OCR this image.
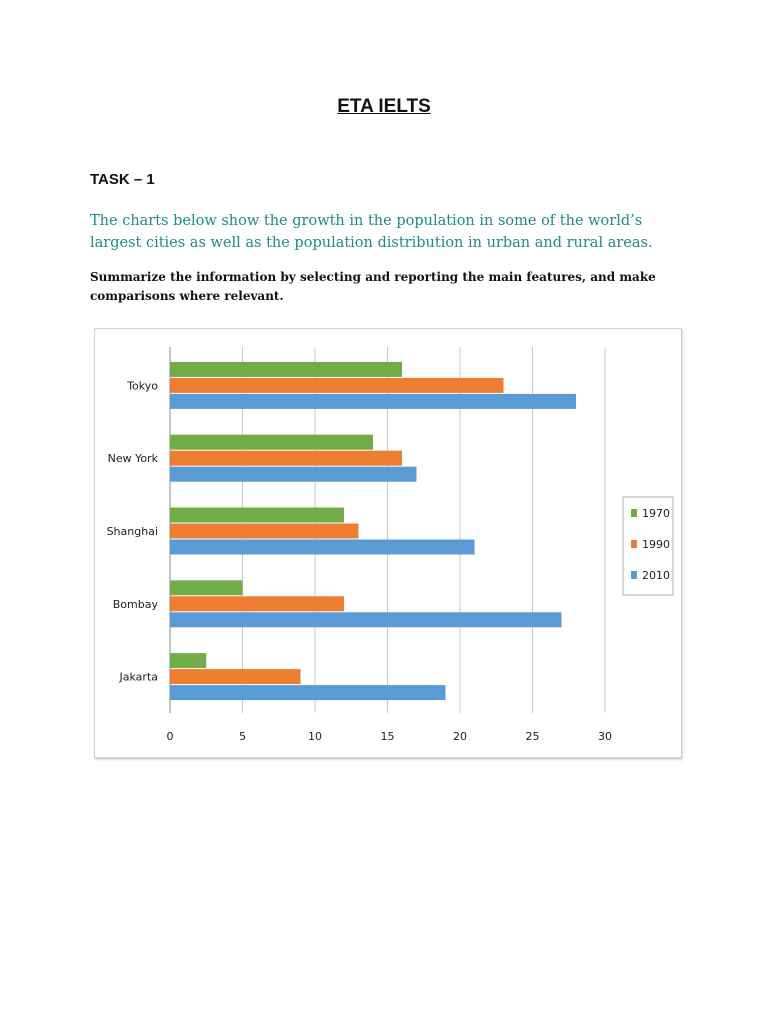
ETA IELTS

TASK – 1

The charts below show the growth in the population in some of the world’s largest cities as well as the population distribution in urban and rural areas.

Summarize the information by selecting and reporting the main features, and make comparisons where relevant.

0	5	10	15	20	25	30
Tokyo
New York
Shanghai
Bombay
Jakarta
1970
1990
2010
